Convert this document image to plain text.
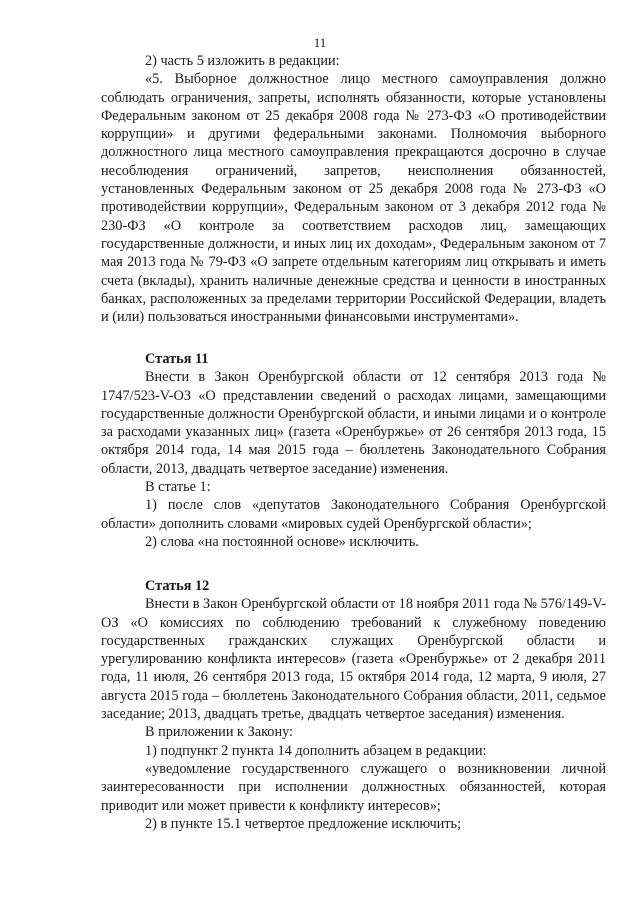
11

2) часть 5 изложить в редакции:

«5. Выборное должностное лицо местного самоуправления должно соблюдать ограничения, запреты, исполнять обязанности, которые установлены Федеральным законом от 25 декабря 2008 года № 273-ФЗ «О противодействии коррупции» и другими федеральными законами. Полномочия выборного должностного лица местного самоуправления прекращаются досрочно в случае несоблюдения ограничений, запретов, неисполнения обязанностей, установленных Федеральным законом от 25 декабря 2008 года № 273-ФЗ «О противодействии коррупции», Федеральным законом от 3 декабря 2012 года № 230-ФЗ «О контроле за соответствием расходов лиц, замещающих государственные должности, и иных лиц их доходам», Федеральным законом от 7 мая 2013 года № 79-ФЗ «О запрете отдельным категориям лиц открывать и иметь счета (вклады), хранить наличные денежные средства и ценности в иностранных банках, расположенных за пределами территории Российской Федерации, владеть и (или) пользоваться иностранными финансовыми инструментами».

Статья 11

Внести в Закон Оренбургской области от 12 сентября 2013 года № 1747/523-V-ОЗ «О представлении сведений о расходах лицами, замещающими государственные должности Оренбургской области, и иными лицами и о контроле за расходами указанных лиц» (газета «Оренбуржье» от 26 сентября 2013 года, 15 октября 2014 года, 14 мая 2015 года – бюллетень Законодательного Собрания области, 2013, двадцать четвертое заседание) изменения.

В статье 1:

1) после слов «депутатов Законодательного Собрания Оренбургской области» дополнить словами «мировых судей Оренбургской области»;

2) слова «на постоянной основе» исключить.

Статья 12

Внести в Закон Оренбургской области от 18 ноября 2011 года № 576/149-V-ОЗ «О комиссиях по соблюдению требований к служебному поведению государственных гражданских служащих Оренбургской области и урегулированию конфликта интересов» (газета «Оренбуржье» от 2 декабря 2011 года, 11 июля, 26 сентября 2013 года, 15 октября 2014 года, 12 марта, 9 июля, 27 августа 2015 года – бюллетень Законодательного Собрания области, 2011, седьмое заседание; 2013, двадцать третье, двадцать четвертое заседания) изменения.

В приложении к Закону:

1) подпункт 2 пункта 14 дополнить абзацем в редакции:

«уведомление государственного служащего о возникновении личной заинтересованности при исполнении должностных обязанностей, которая приводит или может привести к конфликту интересов»;

2) в пункте 15.1 четвертое предложение исключить;
